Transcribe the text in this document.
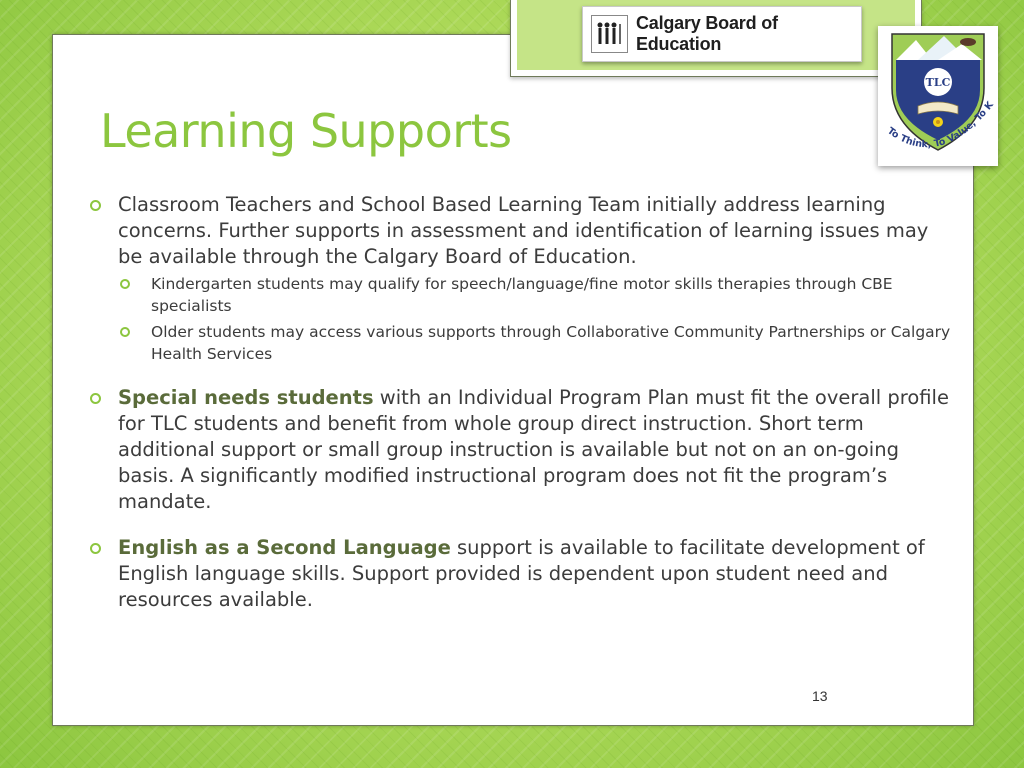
Calgary Board of Education
TLC
To Think, To Value, To K
Learning Supports
Classroom Teachers and School Based Learning Team initially address learning concerns. Further supports in assessment and identification of learning issues may be available through the Calgary Board of Education.
Kindergarten students may qualify for speech/language/fine motor skills therapies through CBE specialists
Older students may access various supports through Collaborative Community Partnerships or Calgary Health Services
Special needs students with an Individual Program Plan must fit the overall profile for TLC students and benefit from whole group direct instruction. Short term additional support or small group instruction is available but not on an on-going basis. A significantly modified instructional program does not fit the program’s mandate.
English as a Second Language support is available to facilitate development of English language skills. Support provided is dependent upon student need and resources available.
13
